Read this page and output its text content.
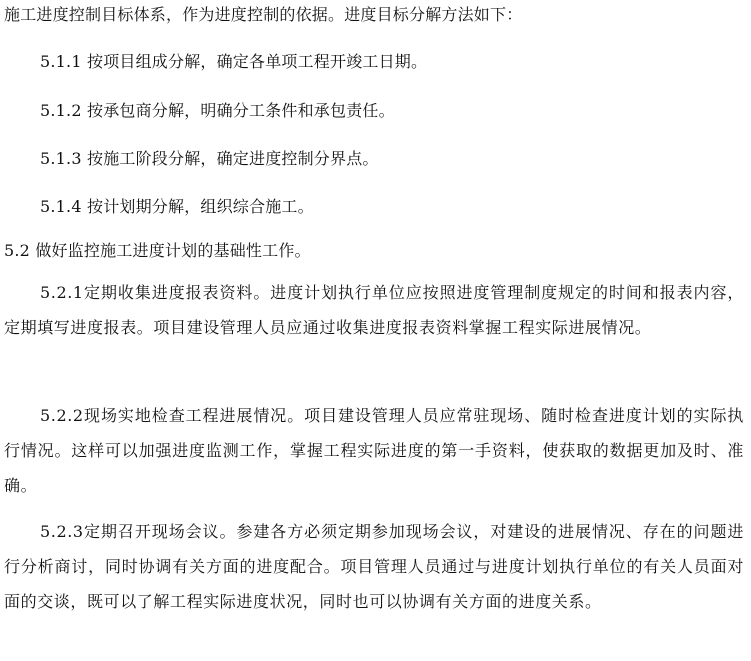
施工进度控制目标体系，作为进度控制的依据。进度目标分解方法如下：
5.1.1 按项目组成分解，确定各单项工程开竣工日期。
5.1.2 按承包商分解，明确分工条件和承包责任。
5.1.3 按施工阶段分解，确定进度控制分界点。
5.1.4 按计划期分解，组织综合施工。
5.2 做好监控施工进度计划的基础性工作。
5.2.1定期收集进度报表资料。进度计划执行单位应按照进度管理制度规定的时间和报表内容，定期填写进度报表。项目建设管理人员应通过收集进度报表资料掌握工程实际进展情况。
5.2.2现场实地检查工程进展情况。项目建设管理人员应常驻现场、随时检查进度计划的实际执行情况。这样可以加强进度监测工作，掌握工程实际进度的第一手资料，使获取的数据更加及时、准确。
5.2.3定期召开现场会议。参建各方必须定期参加现场会议，对建设的进展情况、存在的问题进行分析商讨，同时协调有关方面的进度配合。项目管理人员通过与进度计划执行单位的有关人员面对面的交谈，既可以了解工程实际进度状况，同时也可以协调有关方面的进度关系。
